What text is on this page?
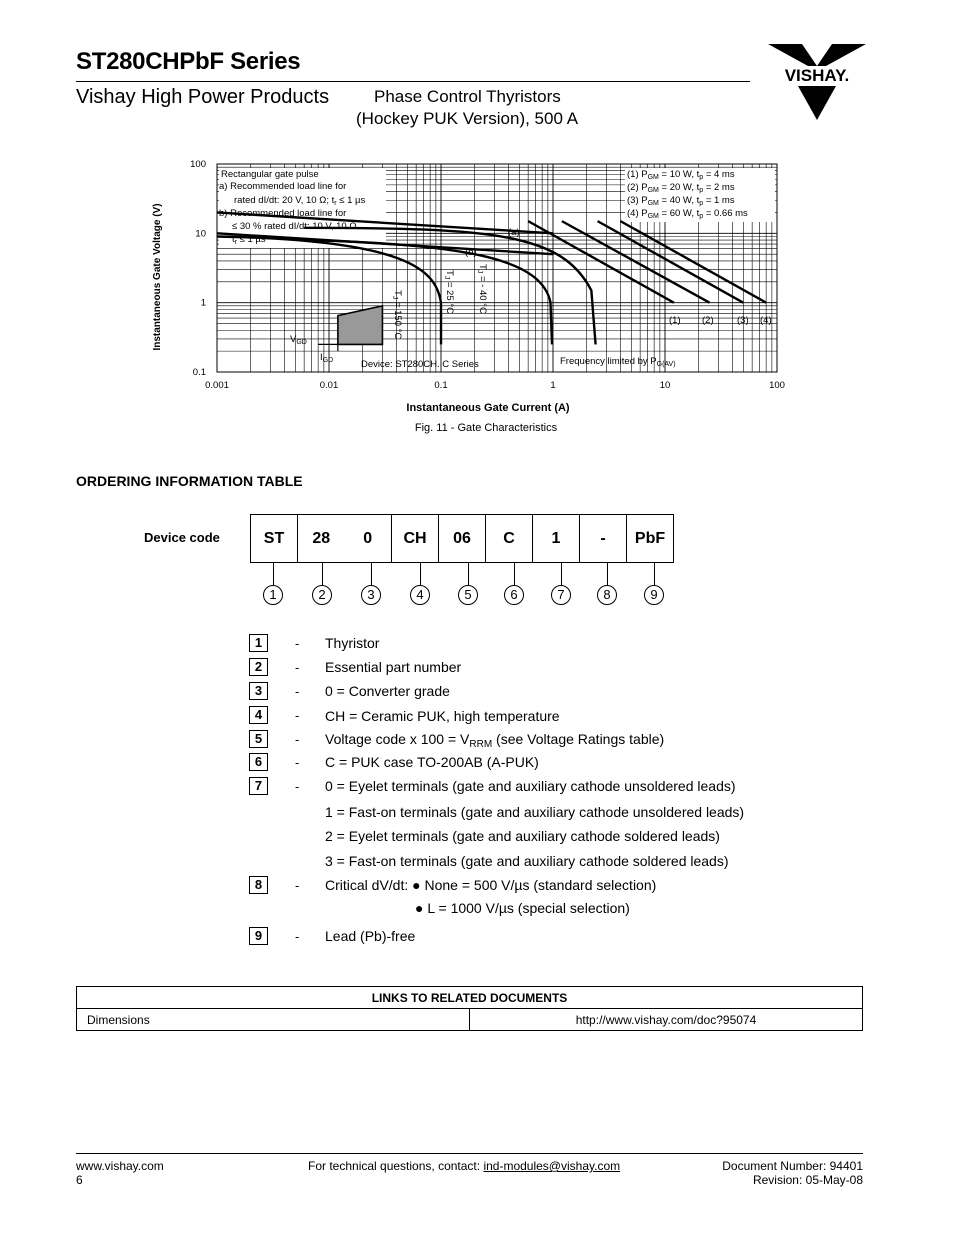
ST280CHPbF Series
Vishay High Power Products	Phase Control Thyristors
(Hockey PUK Version), 500 A
VISHAY.
0.001	0.01	0.1	1	10	100
0.1
1
10
100
Instantaneous Gate Current (A)
Instantaneous Gate Voltage (V)
Fig. 11 - Gate Characteristics
Rectangular gate pulse
a) Recommended load line for
rated dI/dt: 20 V, 10 Ω; $t_r \le 1$ µs
b) Recommended load line for
≤ 30 % rated dI/dt: 10 V, 10 Ω
$t_r \le 1$ µs
(1) $P_{GM} = 10$ W, $t_p = 4$ ms
(2) $P_{GM} = 20$ W, $t_p = 2$ ms
(3) $P_{GM} = 40$ W, $t_p = 1$ ms
(4) $P_{GM} = 60$ W, $t_p = 0.66$ ms
(a)
(b)
$T_J = 150$ °C
$T_J = 25$ °C
$T_J$ = - 40 °C
$V_{GD}$
$I_{GD}$	Device: ST280CH..C Series	Frequency limited by $P_{G(AV)}$
(1) (2) (3) (4)
ORDERING INFORMATION TABLE
Device code	ST	28	0	CH	06	C	1	-	PbF
1	2	3	4	5	6	7	8	9
1	- Thyristor
2	- Essential part number
3	- 0 = Converter grade
4	- CH = Ceramic PUK, high temperature
5	- Voltage code x $100 = V_{RRM}$ (see Voltage Ratings table)
6	- C = PUK case TO-200AB (A-PUK)
7	- 0 = Eyelet terminals (gate and auxiliary cathode unsoldered leads)
1 = Fast-on terminals (gate and auxiliary cathode unsoldered leads)
2 = Eyelet terminals (gate and auxiliary cathode soldered leads)
3 = Fast-on terminals (gate and auxiliary cathode soldered leads)
8	- Critical dV/dt: ● None = 500 V/µs (standard selection)
● L = 1000 V/µs (special selection)
9	- Lead (Pb)-free
LINKS TO RELATED DOCUMENTS
Dimensions	http://www.vishay.com/doc?95074
www.vishay.com
6
For technical questions, contact: ind-modules@vishay.com	Document Number: 94401
Revision: 05-May-08
